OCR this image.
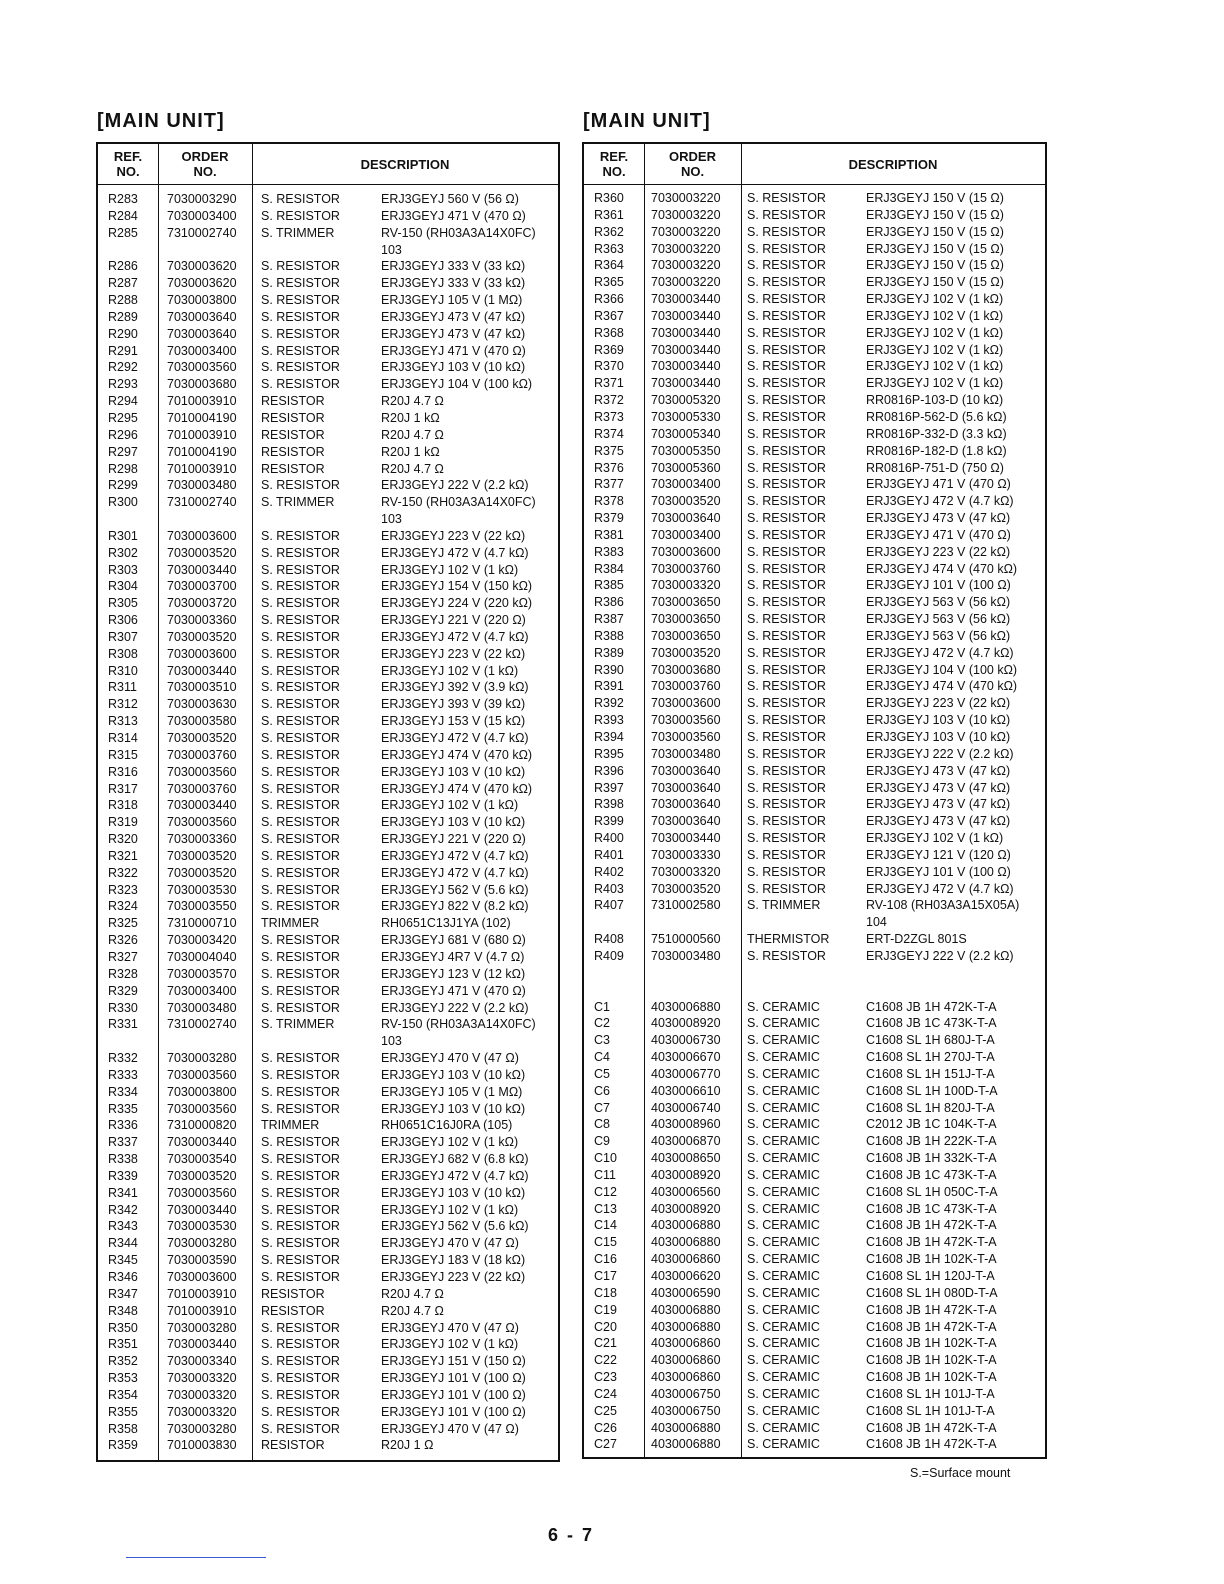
[MAIN UNIT]
REF.
NO.
ORDER
NO.	DESCRIPTION
R283 7030003290 S. RESISTOR	ERJ3GEYJ 560 V (56 Ω)
R284 7030003400 S. RESISTOR	ERJ3GEYJ 471 V (470 Ω)
R285 7310002740 S. TRIMMER	RV-150 (RH03A3A14X0FC)
103
R286 7030003620 S. RESISTOR	ERJ3GEYJ 333 V (33 kΩ)
R287 7030003620 S. RESISTOR	ERJ3GEYJ 333 V (33 kΩ)
R288 7030003800 S. RESISTOR	ERJ3GEYJ 105 V (1 MΩ)
R289 7030003640 S. RESISTOR	ERJ3GEYJ 473 V (47 kΩ)
R290 7030003640 S. RESISTOR	ERJ3GEYJ 473 V (47 kΩ)
R291 7030003400 S. RESISTOR	ERJ3GEYJ 471 V (470 Ω)
R292 7030003560 S. RESISTOR	ERJ3GEYJ 103 V (10 kΩ)
R293 7030003680 S. RESISTOR	ERJ3GEYJ 104 V (100 kΩ)
R294 7010003910 RESISTOR	R20J 4.7 Ω
R295 7010004190 RESISTOR	R20J 1 kΩ
R296 7010003910 RESISTOR	R20J 4.7 Ω
R297 7010004190 RESISTOR	R20J 1 kΩ
R298 7010003910 RESISTOR	R20J 4.7 Ω
R299 7030003480 S. RESISTOR	ERJ3GEYJ 222 V (2.2 kΩ)
R300 7310002740 S. TRIMMER	RV-150 (RH03A3A14X0FC)
103
R301 7030003600 S. RESISTOR	ERJ3GEYJ 223 V (22 kΩ)
R302 7030003520 S. RESISTOR	ERJ3GEYJ 472 V (4.7 kΩ)
R303 7030003440 S. RESISTOR	ERJ3GEYJ 102 V (1 kΩ)
R304 7030003700 S. RESISTOR	ERJ3GEYJ 154 V (150 kΩ)
R305 7030003720 S. RESISTOR	ERJ3GEYJ 224 V (220 kΩ)
R306 7030003360 S. RESISTOR	ERJ3GEYJ 221 V (220 Ω)
R307 7030003520 S. RESISTOR	ERJ3GEYJ 472 V (4.7 kΩ)
R308 7030003600 S. RESISTOR	ERJ3GEYJ 223 V (22 kΩ)
R310 7030003440 S. RESISTOR	ERJ3GEYJ 102 V (1 kΩ)
R311 7030003510 S. RESISTOR	ERJ3GEYJ 392 V (3.9 kΩ)
R312 7030003630 S. RESISTOR	ERJ3GEYJ 393 V (39 kΩ)
R313 7030003580 S. RESISTOR	ERJ3GEYJ 153 V (15 kΩ)
R314 7030003520 S. RESISTOR	ERJ3GEYJ 472 V (4.7 kΩ)
R315 7030003760 S. RESISTOR	ERJ3GEYJ 474 V (470 kΩ)
R316 7030003560 S. RESISTOR	ERJ3GEYJ 103 V (10 kΩ)
R317 7030003760 S. RESISTOR	ERJ3GEYJ 474 V (470 kΩ)
R318 7030003440 S. RESISTOR	ERJ3GEYJ 102 V (1 kΩ)
R319 7030003560 S. RESISTOR	ERJ3GEYJ 103 V (10 kΩ)
R320 7030003360 S. RESISTOR	ERJ3GEYJ 221 V (220 Ω)
R321 7030003520 S. RESISTOR	ERJ3GEYJ 472 V (4.7 kΩ)
R322 7030003520 S. RESISTOR	ERJ3GEYJ 472 V (4.7 kΩ)
R323 7030003530 S. RESISTOR	ERJ3GEYJ 562 V (5.6 kΩ)
R324 7030003550 S. RESISTOR	ERJ3GEYJ 822 V (8.2 kΩ)
R325 7310000710 TRIMMER	RH0651C13J1YA (102)
R326 7030003420 S. RESISTOR	ERJ3GEYJ 681 V (680 Ω)
R327 7030004040 S. RESISTOR	ERJ3GEYJ 4R7 V (4.7 Ω)
R328 7030003570 S. RESISTOR	ERJ3GEYJ 123 V (12 kΩ)
R329 7030003400 S. RESISTOR	ERJ3GEYJ 471 V (470 Ω)
R330 7030003480 S. RESISTOR	ERJ3GEYJ 222 V (2.2 kΩ)
R331 7310002740 S. TRIMMER	RV-150 (RH03A3A14X0FC)
103
R332 7030003280 S. RESISTOR	ERJ3GEYJ 470 V (47 Ω)
R333 7030003560 S. RESISTOR	ERJ3GEYJ 103 V (10 kΩ)
R334 7030003800 S. RESISTOR	ERJ3GEYJ 105 V (1 MΩ)
R335 7030003560 S. RESISTOR	ERJ3GEYJ 103 V (10 kΩ)
R336 7310000820 TRIMMER	RH0651C16J0RA (105)
R337 7030003440 S. RESISTOR	ERJ3GEYJ 102 V (1 kΩ)
R338 7030003540 S. RESISTOR	ERJ3GEYJ 682 V (6.8 kΩ)
R339 7030003520 S. RESISTOR	ERJ3GEYJ 472 V (4.7 kΩ)
R341 7030003560 S. RESISTOR	ERJ3GEYJ 103 V (10 kΩ)
R342 7030003440 S. RESISTOR	ERJ3GEYJ 102 V (1 kΩ)
R343 7030003530 S. RESISTOR	ERJ3GEYJ 562 V (5.6 kΩ)
R344 7030003280 S. RESISTOR	ERJ3GEYJ 470 V (47 Ω)
R345 7030003590 S. RESISTOR	ERJ3GEYJ 183 V (18 kΩ)
R346 7030003600 S. RESISTOR	ERJ3GEYJ 223 V (22 kΩ)
R347 7010003910 RESISTOR	R20J 4.7 Ω
R348 7010003910 RESISTOR	R20J 4.7 Ω
R350 7030003280 S. RESISTOR	ERJ3GEYJ 470 V (47 Ω)
R351 7030003440 S. RESISTOR	ERJ3GEYJ 102 V (1 kΩ)
R352 7030003340 S. RESISTOR	ERJ3GEYJ 151 V (150 Ω)
R353 7030003320 S. RESISTOR	ERJ3GEYJ 101 V (100 Ω)
R354 7030003320 S. RESISTOR	ERJ3GEYJ 101 V (100 Ω)
R355 7030003320 S. RESISTOR	ERJ3GEYJ 101 V (100 Ω)
R358 7030003280 S. RESISTOR	ERJ3GEYJ 470 V (47 Ω)
R359 7010003830 RESISTOR	R20J 1 Ω
[MAIN UNIT]
REF.
NO.
ORDER
NO.	DESCRIPTION
R360 7030003220 S. RESISTOR	ERJ3GEYJ 150 V (15 Ω)
R361 7030003220 S. RESISTOR	ERJ3GEYJ 150 V (15 Ω)
R362 7030003220 S. RESISTOR	ERJ3GEYJ 150 V (15 Ω)
R363 7030003220 S. RESISTOR	ERJ3GEYJ 150 V (15 Ω)
R364 7030003220 S. RESISTOR	ERJ3GEYJ 150 V (15 Ω)
R365 7030003220 S. RESISTOR	ERJ3GEYJ 150 V (15 Ω)
R366 7030003440 S. RESISTOR	ERJ3GEYJ 102 V (1 kΩ)
R367 7030003440 S. RESISTOR	ERJ3GEYJ 102 V (1 kΩ)
R368 7030003440 S. RESISTOR	ERJ3GEYJ 102 V (1 kΩ)
R369 7030003440 S. RESISTOR	ERJ3GEYJ 102 V (1 kΩ)
R370 7030003440 S. RESISTOR	ERJ3GEYJ 102 V (1 kΩ)
R371 7030003440 S. RESISTOR	ERJ3GEYJ 102 V (1 kΩ)
R372 7030005320 S. RESISTOR	RR0816P-103-D (10 kΩ)
R373 7030005330 S. RESISTOR	RR0816P-562-D (5.6 kΩ)
R374 7030005340 S. RESISTOR	RR0816P-332-D (3.3 kΩ)
R375 7030005350 S. RESISTOR	RR0816P-182-D (1.8 kΩ)
R376 7030005360 S. RESISTOR	RR0816P-751-D (750 Ω)
R377 7030003400 S. RESISTOR	ERJ3GEYJ 471 V (470 Ω)
R378 7030003520 S. RESISTOR	ERJ3GEYJ 472 V (4.7 kΩ)
R379 7030003640 S. RESISTOR	ERJ3GEYJ 473 V (47 kΩ)
R381 7030003400 S. RESISTOR	ERJ3GEYJ 471 V (470 Ω)
R383 7030003600 S. RESISTOR	ERJ3GEYJ 223 V (22 kΩ)
R384 7030003760 S. RESISTOR	ERJ3GEYJ 474 V (470 kΩ)
R385 7030003320 S. RESISTOR	ERJ3GEYJ 101 V (100 Ω)
R386 7030003650 S. RESISTOR	ERJ3GEYJ 563 V (56 kΩ)
R387 7030003650 S. RESISTOR	ERJ3GEYJ 563 V (56 kΩ)
R388 7030003650 S. RESISTOR	ERJ3GEYJ 563 V (56 kΩ)
R389 7030003520 S. RESISTOR	ERJ3GEYJ 472 V (4.7 kΩ)
R390 7030003680 S. RESISTOR	ERJ3GEYJ 104 V (100 kΩ)
R391 7030003760 S. RESISTOR	ERJ3GEYJ 474 V (470 kΩ)
R392 7030003600 S. RESISTOR	ERJ3GEYJ 223 V (22 kΩ)
R393 7030003560 S. RESISTOR	ERJ3GEYJ 103 V (10 kΩ)
R394 7030003560 S. RESISTOR	ERJ3GEYJ 103 V (10 kΩ)
R395 7030003480 S. RESISTOR	ERJ3GEYJ 222 V (2.2 kΩ)
R396 7030003640 S. RESISTOR	ERJ3GEYJ 473 V (47 kΩ)
R397 7030003640 S. RESISTOR	ERJ3GEYJ 473 V (47 kΩ)
R398 7030003640 S. RESISTOR	ERJ3GEYJ 473 V (47 kΩ)
R399 7030003640 S. RESISTOR	ERJ3GEYJ 473 V (47 kΩ)
R400 7030003440 S. RESISTOR	ERJ3GEYJ 102 V (1 kΩ)
R401 7030003330 S. RESISTOR	ERJ3GEYJ 121 V (120 Ω)
R402 7030003320 S. RESISTOR	ERJ3GEYJ 101 V (100 Ω)
R403 7030003520 S. RESISTOR	ERJ3GEYJ 472 V (4.7 kΩ)
R407 7310002580 S. TRIMMER	RV-108 (RH03A3A15X05A)
104
R408 7510000560 THERMISTOR	ERT-D2ZGL 801S
R409 7030003480 S. RESISTOR	ERJ3GEYJ 222 V (2.2 kΩ)
C1	4030006880 S. CERAMIC	C1608 JB 1H 472K-T-A
C2	4030008920 S. CERAMIC	C1608 JB 1C 473K-T-A
C3	4030006730 S. CERAMIC	C1608 SL 1H 680J-T-A
C4	4030006670 S. CERAMIC	C1608 SL 1H 270J-T-A
C5	4030006770 S. CERAMIC	C1608 SL 1H 151J-T-A
C6	4030006610 S. CERAMIC	C1608 SL 1H 100D-T-A
C7	4030006740 S. CERAMIC	C1608 SL 1H 820J-T-A
C8	4030008960 S. CERAMIC	C2012 JB 1C 104K-T-A
C9	4030006870 S. CERAMIC	C1608 JB 1H 222K-T-A
C10	4030008650 S. CERAMIC	C1608 JB 1H 332K-T-A
C11	4030008920 S. CERAMIC	C1608 JB 1C 473K-T-A
C12	4030006560 S. CERAMIC	C1608 SL 1H 050C-T-A
C13	4030008920 S. CERAMIC	C1608 JB 1C 473K-T-A
C14	4030006880 S. CERAMIC	C1608 JB 1H 472K-T-A
C15	4030006880 S. CERAMIC	C1608 JB 1H 472K-T-A
C16	4030006860 S. CERAMIC	C1608 JB 1H 102K-T-A
C17	4030006620 S. CERAMIC	C1608 SL 1H 120J-T-A
C18	4030006590 S. CERAMIC	C1608 SL 1H 080D-T-A
C19	4030006880 S. CERAMIC	C1608 JB 1H 472K-T-A
C20	4030006880 S. CERAMIC	C1608 JB 1H 472K-T-A
C21	4030006860 S. CERAMIC	C1608 JB 1H 102K-T-A
C22	4030006860 S. CERAMIC	C1608 JB 1H 102K-T-A
C23	4030006860 S. CERAMIC	C1608 JB 1H 102K-T-A
C24	4030006750 S. CERAMIC	C1608 SL 1H 101J-T-A
C25	4030006750 S. CERAMIC	C1608 SL 1H 101J-T-A
C26	4030006880 S. CERAMIC	C1608 JB 1H 472K-T-A
C27	4030006880 S. CERAMIC	C1608 JB 1H 472K-T-A
S.=Surface mount
6 - 7
